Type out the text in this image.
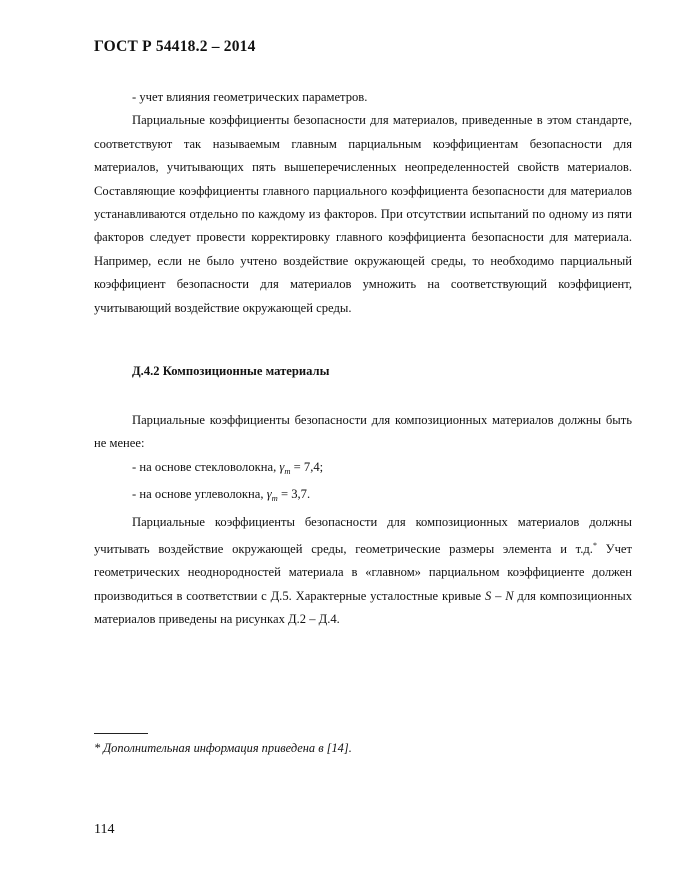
ГОСТ Р 54418.2 – 2014

- учет влияния геометрических параметров.

Парциальные коэффициенты безопасности для материалов, приведенные в этом стандарте, соответствуют так называемым главным парциальным коэффициентам безопасности для материалов, учитывающих пять вышеперечисленных неопределенностей свойств материалов. Составляющие коэффициенты главного парциального коэффициента безопасности для материалов устанавливаются отдельно по каждому из факторов. При отсутствии испытаний по одному из пяти факторов следует провести корректировку главного коэффициента безопасности для материала. Например, если не было учтено воздействие окружающей среды, то необходимо парциальный коэффициент безопасности для материалов умножить на соответствующий коэффициент, учитывающий воздействие окружающей среды.

Д.4.2 Композиционные материалы

Парциальные коэффициенты безопасности для композиционных материалов должны быть не менее:

- на основе стекловолокна, $\gamma_m = 7,4$;

- на основе углеволокна, $\gamma_m = 3,7$.

Парциальные коэффициенты безопасности для композиционных материалов должны учитывать воздействие окружающей среды, геометрические размеры элемента и т.д.* Учет геометрических неоднородностей материала в «главном» парциальном коэффициенте должен производиться в соответствии с Д.5. Характерные усталостные кривые S – N для композиционных материалов приведены на рисунках Д.2 – Д.4.

* Дополнительная информация приведена в [14].
114
